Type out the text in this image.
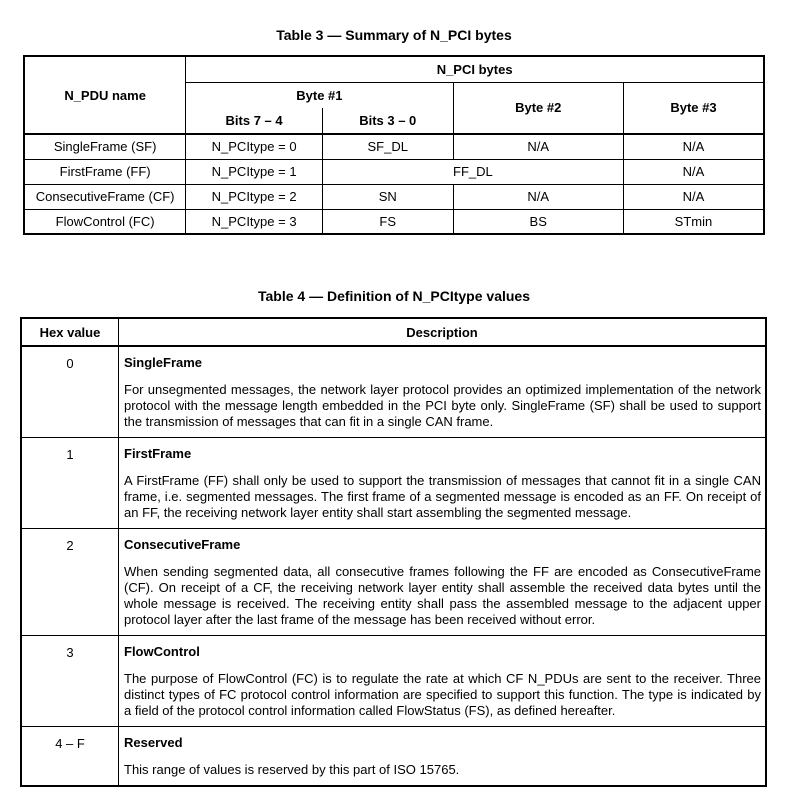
Table 3 — Summary of N_PCI bytes
N_PDU name	N_PCI bytes			
	Byte #1		Byte #2	Byte #3
	Bits 7 – 4	Bits 3 – 0		
SingleFrame (SF)	N_PCItype = 0	SF_DL	N/A	N/A
FirstFrame (FF)	N_PCItype = 1	FF_DL		N/A
ConsecutiveFrame (CF)	N_PCItype = 2	SN	N/A	N/A
FlowControl (FC)	N_PCItype = 3	FS	BS	STmin
Table 4 — Definition of N_PCItype values
Hex value	Description
0	SingleFrame
For unsegmented messages, the network layer protocol provides an optimized implementation of the network protocol with the message length embedded in the PCI byte only. SingleFrame (SF) shall be used to support the transmission of messages that can fit in a single CAN frame.

1	FirstFrame
A FirstFrame (FF) shall only be used to support the transmission of messages that cannot fit in a single CAN frame, i.e. segmented messages. The first frame of a segmented message is encoded as an FF. On receipt of an FF, the receiving network layer entity shall start assembling the segmented message.

2	ConsecutiveFrame
When sending segmented data, all consecutive frames following the FF are encoded as ConsecutiveFrame (CF). On receipt of a CF, the receiving network layer entity shall assemble the received data bytes until the whole message is received. The receiving entity shall pass the assembled message to the adjacent upper protocol layer after the last frame of the message has been received without error.

3	FlowControl
The purpose of FlowControl (FC) is to regulate the rate at which CF N_PDUs are sent to the receiver. Three distinct types of FC protocol control information are specified to support this function. The type is indicated by a field of the protocol control information called FlowStatus (FS), as defined hereafter.

4 – F	Reserved
This range of values is reserved by this part of ISO 15765.
